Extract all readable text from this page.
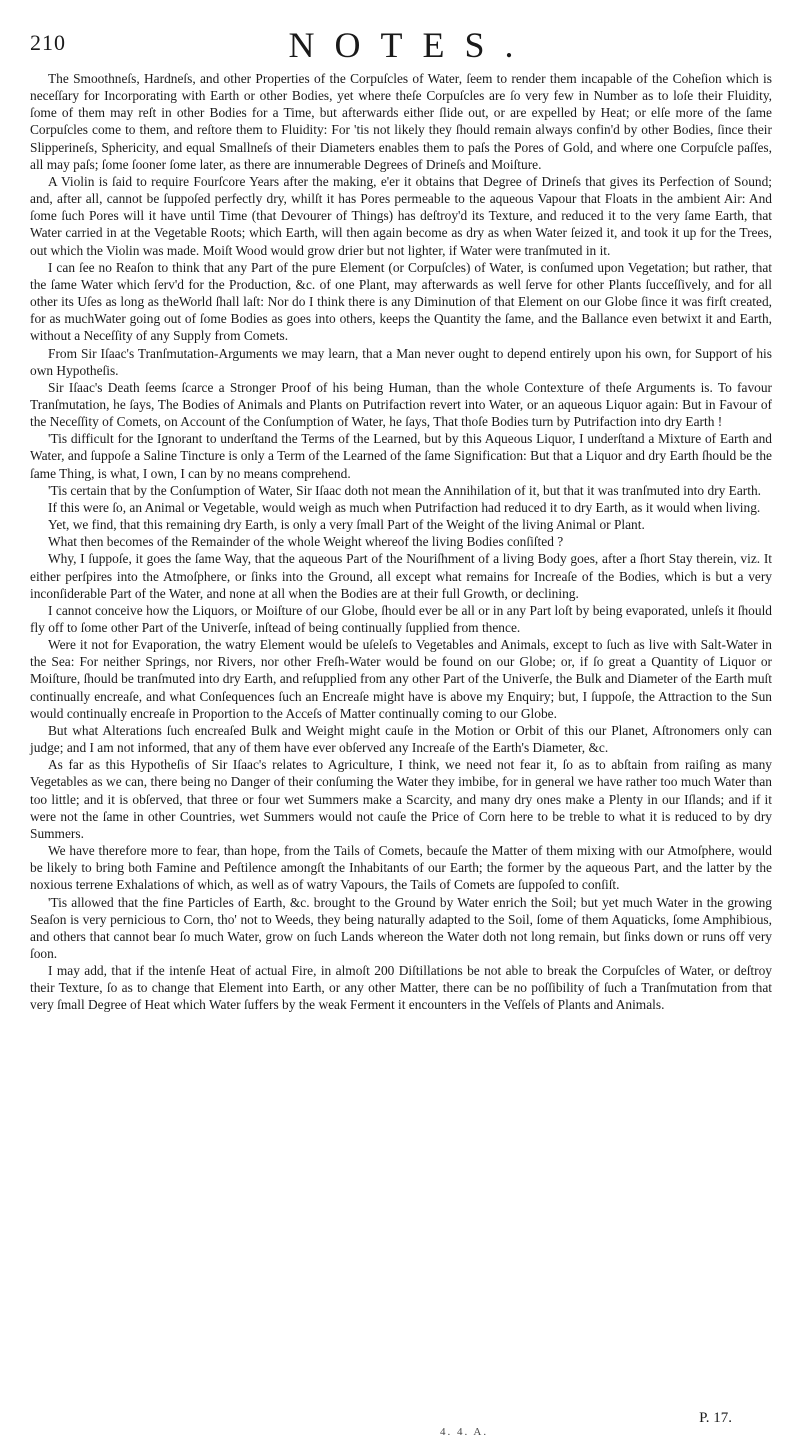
210	NOTES.

The Smoothneſs, Hardneſs, and other Properties of the Corpuſcles of Water, ſeem to render them incapable of the Coheſion which is neceſſary for Incorporating with Earth or other Bodies, yet where theſe Corpuſcles are ſo very few in Number as to loſe their Fluidity, ſome of them may reſt in other Bodies for a Time, but afterwards either ſlide out, or are expelled by Heat; or elſe more of the ſame Corpuſcles come to them, and reſtore them to Fluidity: For 'tis not likely they ſhould remain always confin'd by other Bodies, ſince their Slipperineſs, Sphericity, and equal Smallneſs of their Diameters enables them to paſs the Pores of Gold, and where one Corpuſcle paſſes, all may paſs; ſome ſooner ſome later, as there are innumerable Degrees of Drineſs and Moiſture.

A Violin is ſaid to require Fourſcore Years after the making, e'er it obtains that Degree of Drineſs that gives its Perfection of Sound; and, after all, cannot be ſuppoſed perfectly dry, whilſt it has Pores permeable to the aqueous Vapour that Floats in the ambient Air: And ſome ſuch Pores will it have until Time (that Devourer of Things) has deſtroy'd its Texture, and reduced it to the very ſame Earth, that Water carried in at the Vegetable Roots; which Earth, will then again become as dry as when Water ſeized it, and took it up for the Trees, out which the Violin was made. Moiſt Wood would grow drier but not lighter, if Water were tranſmuted in it.

I can ſee no Reaſon to think that any Part of the pure Element (or Corpuſcles) of Water, is conſumed upon Vegetation; but rather, that the ſame Water which ſerv'd for the Production, &c. of one Plant, may afterwards as well ſerve for other Plants ſucceſſively, and for all other its Uſes as long as theWorld ſhall laſt: Nor do I think there is any Diminution of that Element on our Globe ſince it was firſt created, for as muchWater going out of ſome Bodies as goes into others, keeps the Quantity the ſame, and the Ballance even betwixt it and Earth, without a Neceſſity of any Supply from Comets.

From Sir Iſaac's Tranſmutation-Arguments we may learn, that a Man never ought to depend entirely upon his own, for Support of his own Hypotheſis.

Sir Iſaac's Death ſeems ſcarce a Stronger Proof of his being Human, than the whole Contexture of theſe Arguments is. To favour Tranſmutation, he ſays, The Bodies of Animals and Plants on Putrifaction revert into Water, or an aqueous Liquor again: But in Favour of the Neceſſity of Comets, on Account of the Conſumption of Water, he ſays, That thoſe Bodies turn by Putrifaction into dry Earth !

'Tis difficult for the Ignorant to underſtand the Terms of the Learned, but by this Aqueous Liquor, I underſtand a Mixture of Earth and Water, and ſuppoſe a Saline Tincture is only a Term of the Learned of the ſame Signification: But that a Liquor and dry Earth ſhould be the ſame Thing, is what, I own, I can by no means comprehend.

'Tis certain that by the Conſumption of Water, Sir Iſaac doth not mean the Annihilation of it, but that it was tranſmuted into dry Earth.

If this were ſo, an Animal or Vegetable, would weigh as much when Putrifaction had reduced it to dry Earth, as it would when living.

Yet, we find, that this remaining dry Earth, is only a very ſmall Part of the Weight of the living Animal or Plant.

What then becomes of the Remainder of the whole Weight whereof the living Bodies conſiſted ?

Why, I ſuppoſe, it goes the ſame Way, that the aqueous Part of the Nouriſhment of a living Body goes, after a ſhort Stay therein, viz. It either perſpires into the Atmoſphere, or ſinks into the Ground, all except what remains for Increaſe of the Bodies, which is but a very inconſiderable Part of the Water, and none at all when the Bodies are at their full Growth, or declining.

I cannot conceive how the Liquors, or Moiſture of our Globe, ſhould ever be all or in any Part loſt by being evaporated, unleſs it ſhould fly off to ſome other Part of the Univerſe, inſtead of being continually ſupplied from thence.

Were it not for Evaporation, the watry Element would be uſeleſs to Vegetables and Animals, except to ſuch as live with Salt-Water in the Sea: For neither Springs, nor Rivers, nor other Freſh-Water would be found on our Globe; or, if ſo great a Quantity of Liquor or Moiſture, ſhould be tranſmuted into dry Earth, and reſupplied from any other Part of the Univerſe, the Bulk and Diameter of the Earth muſt continually encreaſe, and what Conſequences ſuch an Encreaſe might have is above my Enquiry; but, I ſuppoſe, the Attraction to the Sun would continually encreaſe in Proportion to the Acceſs of Matter continually coming to our Globe.

But what Alterations ſuch encreaſed Bulk and Weight might cauſe in the Motion or Orbit of this our Planet, Aſtronomers only can judge; and I am not informed, that any of them have ever obſerved any Increaſe of the Earth's Diameter, &c.

As far as this Hypotheſis of Sir Iſaac's relates to Agriculture, I think, we need not fear it, ſo as to abſtain from raiſing as many Vegetables as we can, there being no Danger of their conſuming the Water they imbibe, for in general we have rather too much Water than too little; and it is obſerved, that three or four wet Summers make a Scarcity, and many dry ones make a Plenty in our Iſlands; and if it were not the ſame in other Countries, wet Summers would not cauſe the Price of Corn here to be treble to what it is reduced to by dry Summers.

We have therefore more to fear, than hope, from the Tails of Comets, becauſe the Matter of them mixing with our Atmoſphere, would be likely to bring both Famine and Peſtilence amongſt the Inhabitants of our Earth; the former by the aqueous Part, and the latter by the noxious terrene Exhalations of which, as well as of watry Vapours, the Tails of Comets are ſuppoſed to conſiſt.

'Tis allowed that the fine Particles of Earth, &c. brought to the Ground by Water enrich the Soil; but yet much Water in the growing Seaſon is very pernicious to Corn, tho' not to Weeds, they being naturally adapted to the Soil, ſome of them Aquaticks, ſome Amphibious, and others that cannot bear ſo much Water, grow on ſuch Lands whereon the Water doth not long remain, but ſinks down or runs off very ſoon.

I may add, that if the intenſe Heat of actual Fire, in almoſt 200 Diſtillations be not able to break the Corpuſcles of Water, or deſtroy their Texture, ſo as to change that Element into Earth, or any other Matter, there can be no poſſibility of ſuch a Tranſmutation from that very ſmall Degree of Heat which Water ſuffers by the weak Ferment it encounters in the Veſſels of Plants and Animals.

P. 17.
4. 4. A.
